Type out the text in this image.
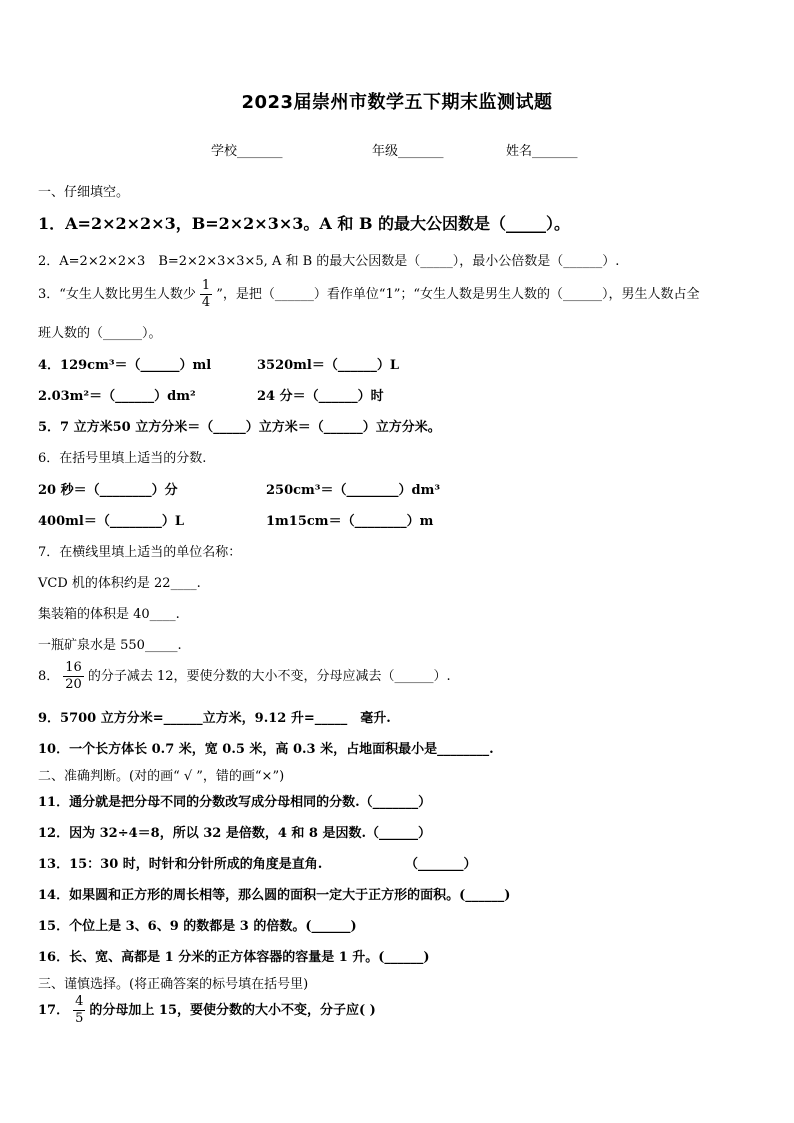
2023届崇州市数学五下期末监测试题
学校_______	年级_______	姓名_______
一、仔细填空。
1．A=2×2×2×3，B=2×2×3×3。A 和 B 的最大公因数是（_____）。
2．A=2×2×2×3　B=2×2×3×3×5, A 和 B 的最大公因数是（_____），最小公倍数是（______）.
3．“女生人数比男生人数少 $\frac{1}{4}$ ”，是把（______）看作单位“1”；“女生人数是男生人数的（______），男生人数占全
班人数的（______）。
4．129cm³＝（______）ml	3520ml＝（______）L
2.03m²＝（______）dm²	24 分＝（______）时
5．7 立方米50 立方分米＝（_____）立方米＝（______）立方分米。
6．在括号里填上适当的分数.
20 秒＝（________）分	250cm³＝（________）dm³
400ml＝（________）L	1m15cm＝（________）m
7．在横线里填上适当的单位名称：
VCD 机的体积约是 22____.
集装箱的体积是 40____.
一瓶矿泉水是 550_____.
8． $\frac{16}{20}$ 的分子减去 12，要使分数的大小不变，分母应减去（______）.
9．5700 立方分米=______立方米，9.12 升=_____　毫升.
10．一个长方体长 0.7 米，宽 0.5 米，高 0.3 米，占地面积最小是________.
二、准确判断。(对的画“ √ ”，错的画“×”)
11．通分就是把分母不同的分数改写成分母相同的分数.（_______）
12．因为 32÷4＝8，所以 32 是倍数，4 和 8 是因数.（______）
13．15：30 时，时针和分针所成的角度是直角.	（_______）
14．如果圆和正方形的周长相等，那么圆的面积一定大于正方形的面积。(______)
15．个位上是 3、6、9 的数都是 3 的倍数。(______)
16．长、宽、高都是 1 分米的正方体容器的容量是 1 升。(______)
三、谨慎选择。(将正确答案的标号填在括号里)
17． $\frac{4}{5}$ 的分母加上 15，要使分数的大小不变，分子应( )
